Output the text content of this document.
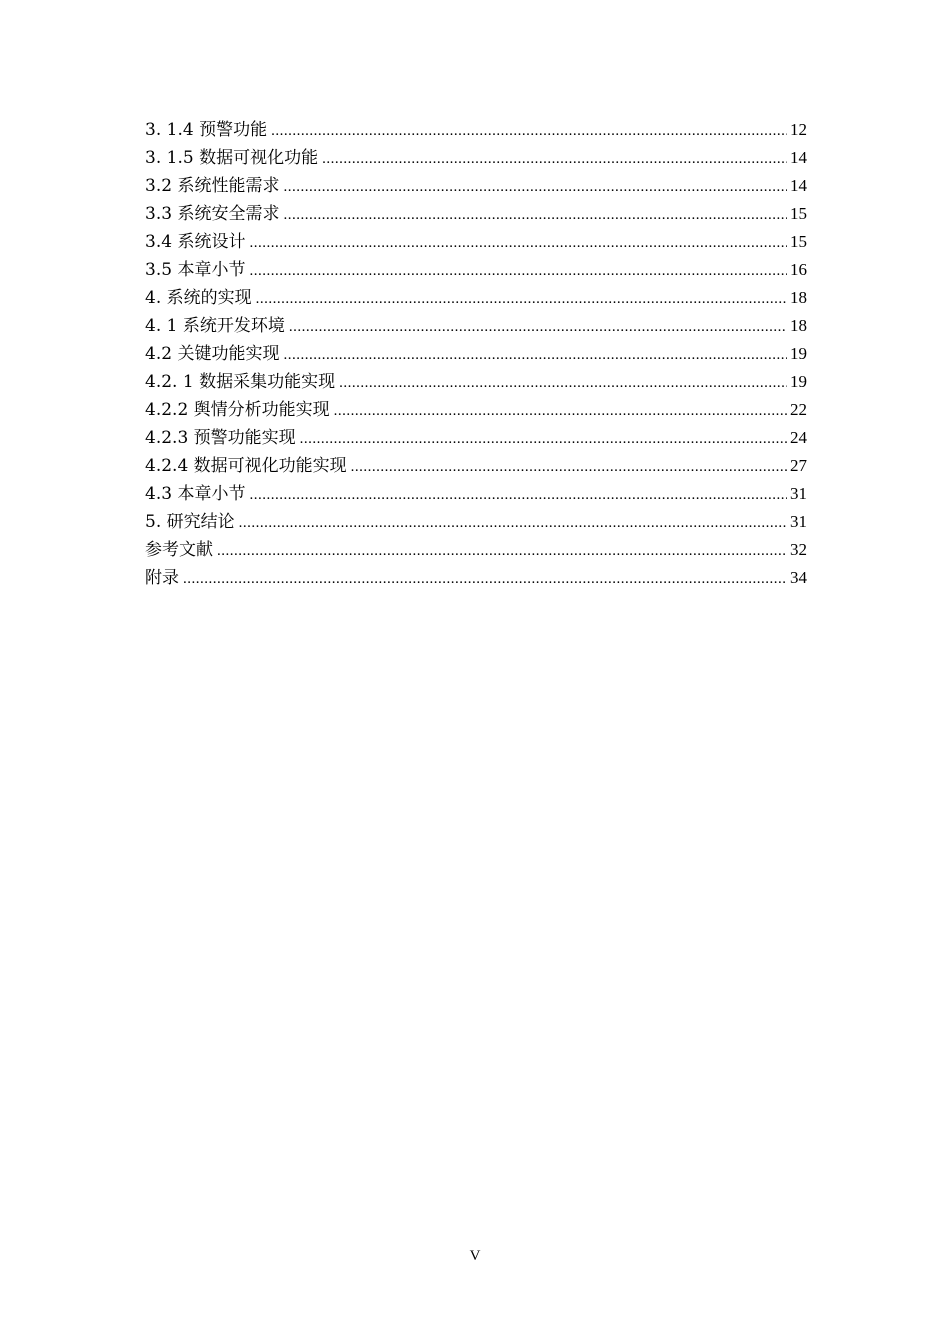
3. 1.4 预警功能 .....	12
3. 1.5 数据可视化功能 .....	14
3.2 系统性能需求 .....	14
3.3 系统安全需求 .....	15
3.4 系统设计 .....	15
3.5 本章小节 .....	16
4. 系统的实现 .....	18
4. 1 系统开发环境 .....	18
4.2 关键功能实现 .....	19
4.2. 1 数据采集功能实现 .....	19
4.2.2 舆情分析功能实现 .....	22
4.2.3 预警功能实现 .....	24
4.2.4 数据可视化功能实现 .....	27
4.3 本章小节 .....	31
5. 研究结论 .....	31
参考文献 .....	32
附录 .....	34
V
